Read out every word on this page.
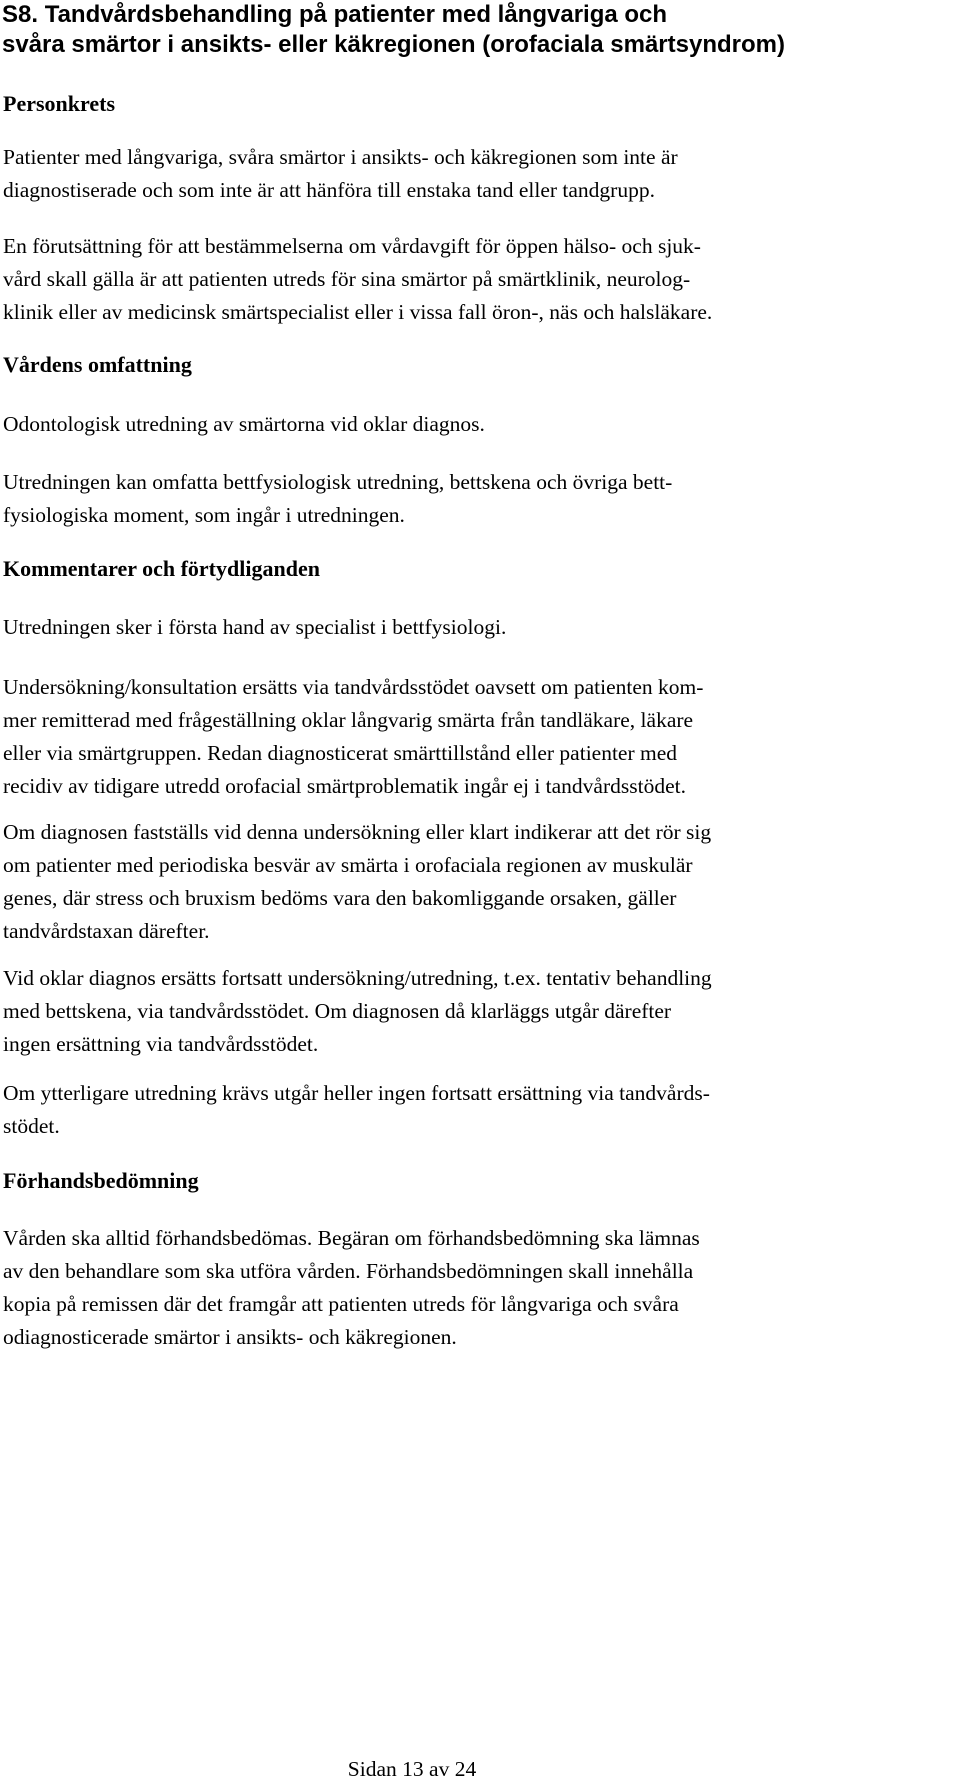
S8. Tandvårdsbehandling på patienter med långvariga och
svåra smärtor i ansikts- eller käkregionen (orofaciala smärtsyndrom)
Personkrets

Patienter med långvariga, svåra smärtor i ansikts- och käkregionen som inte är
diagnostiserade och som inte är att hänföra till enstaka tand eller tandgrupp.

En förutsättning för att bestämmelserna om vårdavgift för öppen hälso- och sjuk-
vård skall gälla är att patienten utreds för sina smärtor på smärtklinik, neurolog-
klinik eller av medicinsk smärtspecialist eller i vissa fall öron-, näs och halsläkare.

Vårdens omfattning

Odontologisk utredning av smärtorna vid oklar diagnos.

Utredningen kan omfatta bettfysiologisk utredning, bettskena och övriga bett-
fysiologiska moment, som ingår i utredningen.

Kommentarer och förtydliganden

Utredningen sker i första hand av specialist i bettfysiologi.

Undersökning/konsultation ersätts via tandvårdsstödet oavsett om patienten kom-
mer remitterad med frågeställning oklar långvarig smärta från tandläkare, läkare
eller via smärtgruppen. Redan diagnosticerat smärttillstånd eller patienter med
recidiv av tidigare utredd orofacial smärtproblematik ingår ej i tandvårdsstödet.

Om diagnosen fastställs vid denna undersökning eller klart indikerar att det rör sig
om patienter med periodiska besvär av smärta i orofaciala regionen av muskulär
genes, där stress och bruxism bedöms vara den bakomliggande orsaken, gäller
tandvårdstaxan därefter.

Vid oklar diagnos ersätts fortsatt undersökning/utredning, t.ex. tentativ behandling
med bettskena, via tandvårdsstödet. Om diagnosen då klarläggs utgår därefter
ingen ersättning via tandvårdsstödet.

Om ytterligare utredning krävs utgår heller ingen fortsatt ersättning via tandvårds-
stödet.

Förhandsbedömning

Vården ska alltid förhandsbedömas. Begäran om förhandsbedömning ska lämnas
av den behandlare som ska utföra vården. Förhandsbedömningen skall innehålla
kopia på remissen där det framgår att patienten utreds för långvariga och svåra
odiagnosticerade smärtor i ansikts- och käkregionen.

Sidan 13 av 24
